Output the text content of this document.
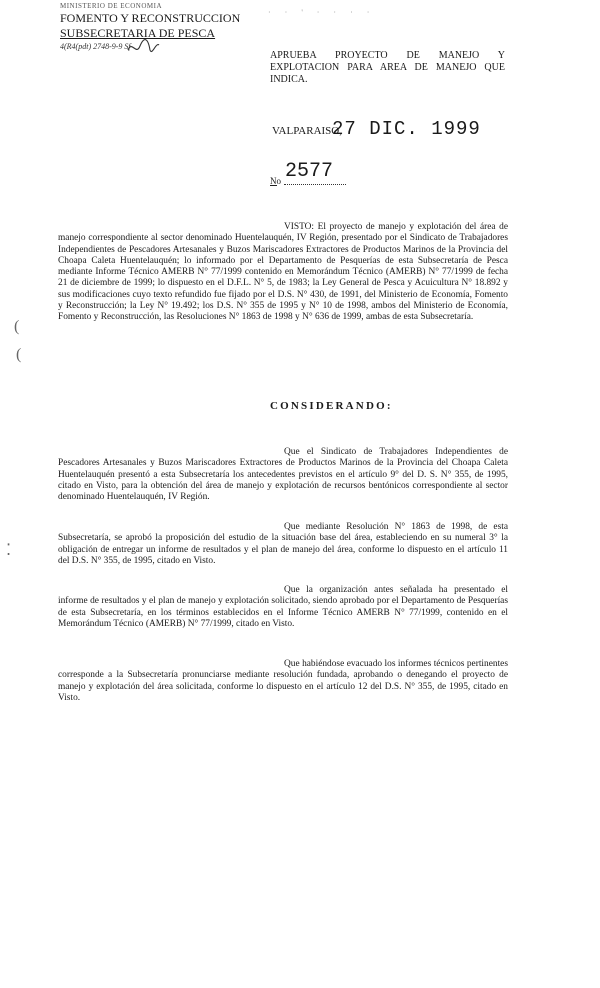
MINISTERIO DE ECONOMIA
FOMENTO Y RECONSTRUCCION
SUBSECRETARIA DE PESCA
4(R4(pdt) 2748-9-9 Sf
· · ' · · · ·
APRUEBA PROYECTO DE MANEJO Y EXPLOTACION PARA AREA DE MANEJO QUE INDICA.
VALPARAISO,
27 DIC. 1999
No 2577

VISTO: El proyecto de manejo y explotación del área de manejo correspondiente al sector denominado Huentelauquén, IV Región, presentado por el Sindicato de Trabajadores Independientes de Pescadores Artesanales y Buzos Mariscadores Extractores de Productos Marinos de la Provincia del Choapa Caleta Huentelauquén; lo informado por el Departamento de Pesquerías de esta Subsecretaría de Pesca mediante Informe Técnico AMERB N° 77/1999 contenido en Memorándum Técnico (AMERB) N° 77/1999 de fecha 21 de diciembre de 1999; lo dispuesto en el D.F.L. N° 5, de 1983; la Ley General de Pesca y Acuicultura N° 18.892 y sus modificaciones cuyo texto refundido fue fijado por el D.S. N° 430, de 1991, del Ministerio de Economía, Fomento y Reconstrucción; la Ley N° 19.492; los D.S. N° 355 de 1995 y N° 10 de 1998, ambos del Ministerio de Economía, Fomento y Reconstrucción, las Resoluciones N° 1863 de 1998 y N° 636 de 1999, ambas de esta Subsecretaría.

CONSIDERANDO:

Que el Sindicato de Trabajadores Independientes de Pescadores Artesanales y Buzos Mariscadores Extractores de Productos Marinos de la Provincia del Choapa Caleta Huentelauquén presentó a esta Subsecretaría los antecedentes previstos en el artículo 9° del D. S. N° 355, de 1995, citado en Visto, para la obtención del área de manejo y explotación de recursos bentónicos correspondiente al sector denominado Huentelauquén, IV Región.

Que mediante Resolución N° 1863 de 1998, de esta Subsecretaría, se aprobó la proposición del estudio de la situación base del área, estableciendo en su numeral 3° la obligación de entregar un informe de resultados y el plan de manejo del área, conforme lo dispuesto en el artículo 11 del D.S. N° 355, de 1995, citado en Visto.

Que la organización antes señalada ha presentado el informe de resultados y el plan de manejo y explotación solicitado, siendo aprobado por el Departamento de Pesquerías de esta Subsecretaría, en los términos establecidos en el Informe Técnico AMERB N° 77/1999, contenido en el Memorándum Técnico (AMERB) N° 77/1999, citado en Visto.

Que habiéndose evacuado los informes técnicos pertinentes corresponde a la Subsecretaría pronunciarse mediante resolución fundada, aprobando o denegando el proyecto de manejo y explotación del área solicitada, conforme lo dispuesto en el artículo 12 del D.S. N° 355, de 1995, citado en Visto.

(
(
⁚
